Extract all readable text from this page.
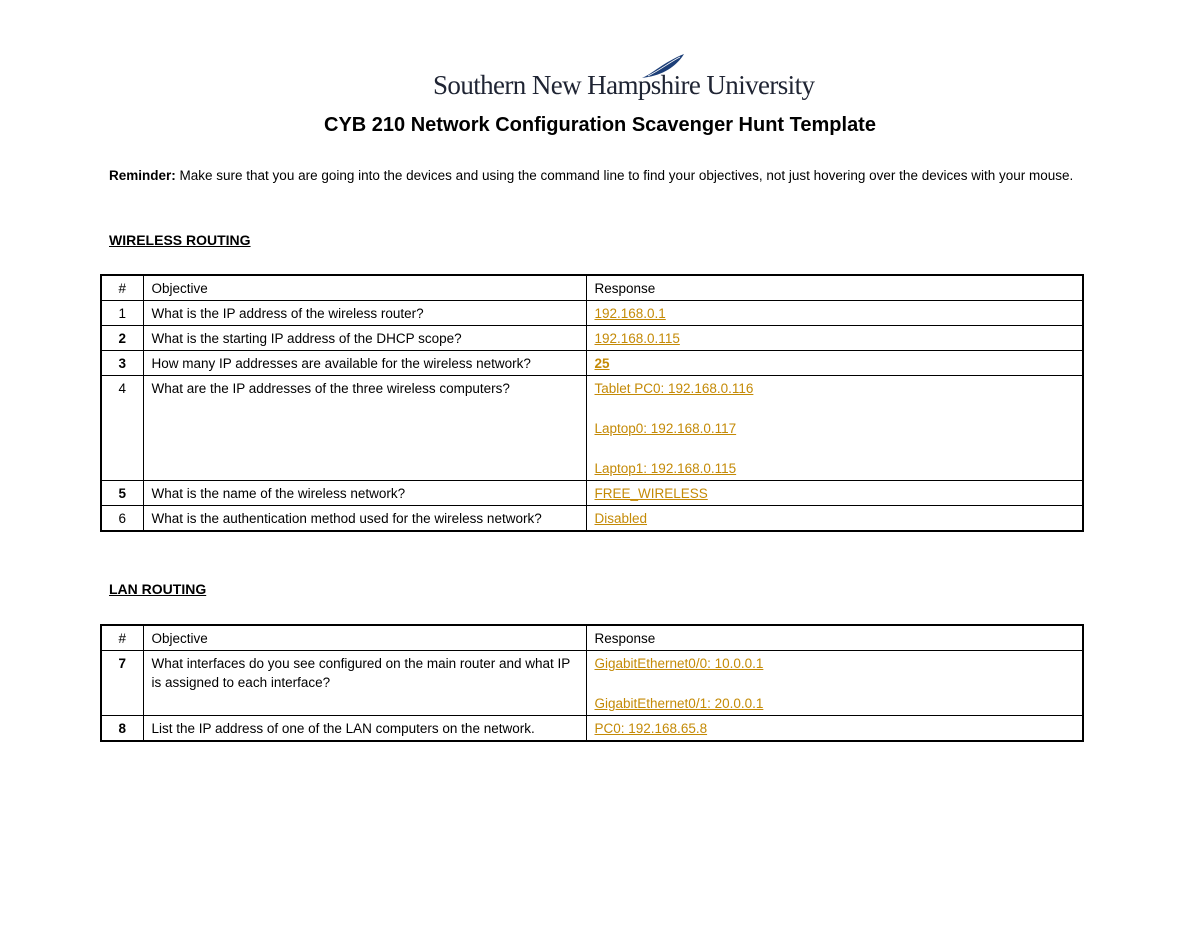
Southern New Hampshire University
CYB 210 Network Configuration Scavenger Hunt Template
Reminder: Make sure that you are going into the devices and using the command line to find your objectives, not just hovering over the devices with your mouse.
WIRELESS ROUTING
#	Objective	Response
1	What is the IP address of the wireless router?	192.168.0.1

2	What is the starting IP address of the DHCP scope?	192.168.0.115

3	How many IP addresses are available for the wireless network?	25

4	What are the IP addresses of the three wireless computers?	Tablet PC0: 192.168.0.116
Laptop0: 192.168.0.117
Laptop1: 192.168.0.115

5	What is the name of the wireless network?	FREE_WIRELESS

6	What is the authentication method used for the wireless network?	Disabled
LAN ROUTING
#	Objective	Response
7	What interfaces do you see configured on the main router and what IP is assigned to each interface?	GigabitEthernet0/0: 10.0.0.1
GigabitEthernet0/1: 20.0.0.1

8	List the IP address of one of the LAN computers on the network.	PC0: 192.168.65.8
